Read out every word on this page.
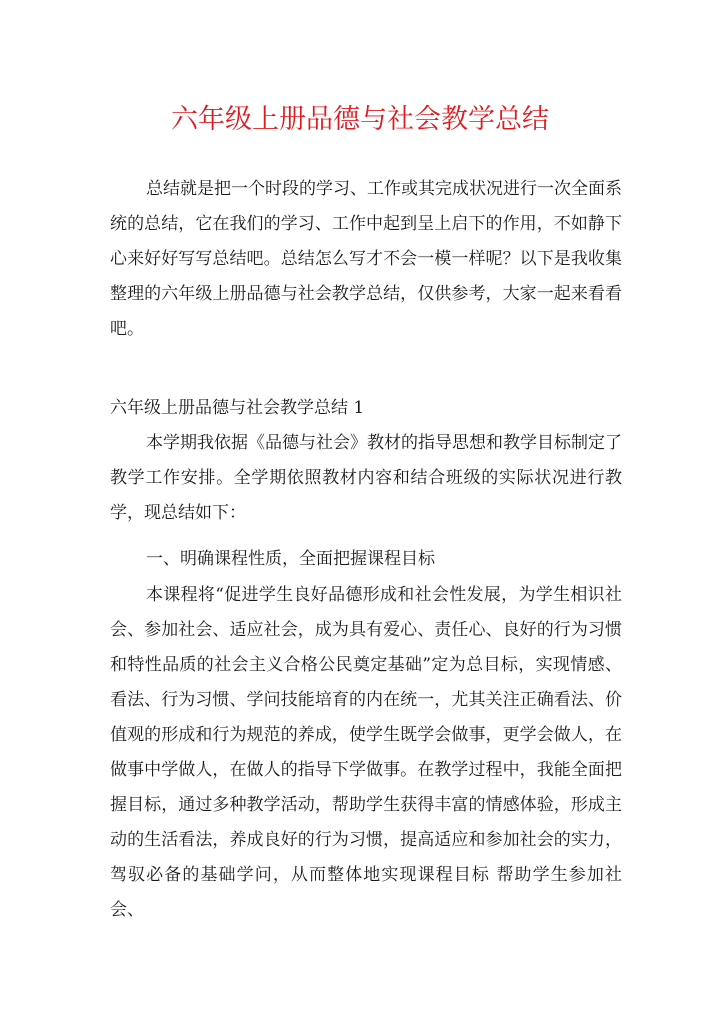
六年级上册品德与社会教学总结

总结就是把一个时段的学习、工作或其完成状况进行一次全面系统的总结，它在我们的学习、工作中起到呈上启下的作用，不如静下心来好好写写总结吧。总结怎么写才不会一模一样呢？以下是我收集整理的六年级上册品德与社会教学总结，仅供参考，大家一起来看看吧。

六年级上册品德与社会教学总结 1

本学期我依据《品德与社会》教材的指导思想和教学目标制定了教学工作安排。全学期依照教材内容和结合班级的实际状况进行教学，现总结如下：

一、明确课程性质，全面把握课程目标

本课程将“促进学生良好品德形成和社会性发展，为学生相识社会、参加社会、适应社会，成为具有爱心、责任心、良好的行为习惯和特性品质的社会主义合格公民奠定基础”定为总目标，实现情感、看法、行为习惯、学问技能培育的内在统一，尤其关注正确看法、价值观的形成和行为规范的养成，使学生既学会做事，更学会做人，在做事中学做人，在做人的指导下学做事。在教学过程中，我能全面把握目标，通过多种教学活动，帮助学生获得丰富的情感体验，形成主动的生活看法，养成良好的行为习惯，提高适应和参加社会的实力，驾驭必备的基础学问，从而整体地实现课程目标 帮助学生参加社会、
